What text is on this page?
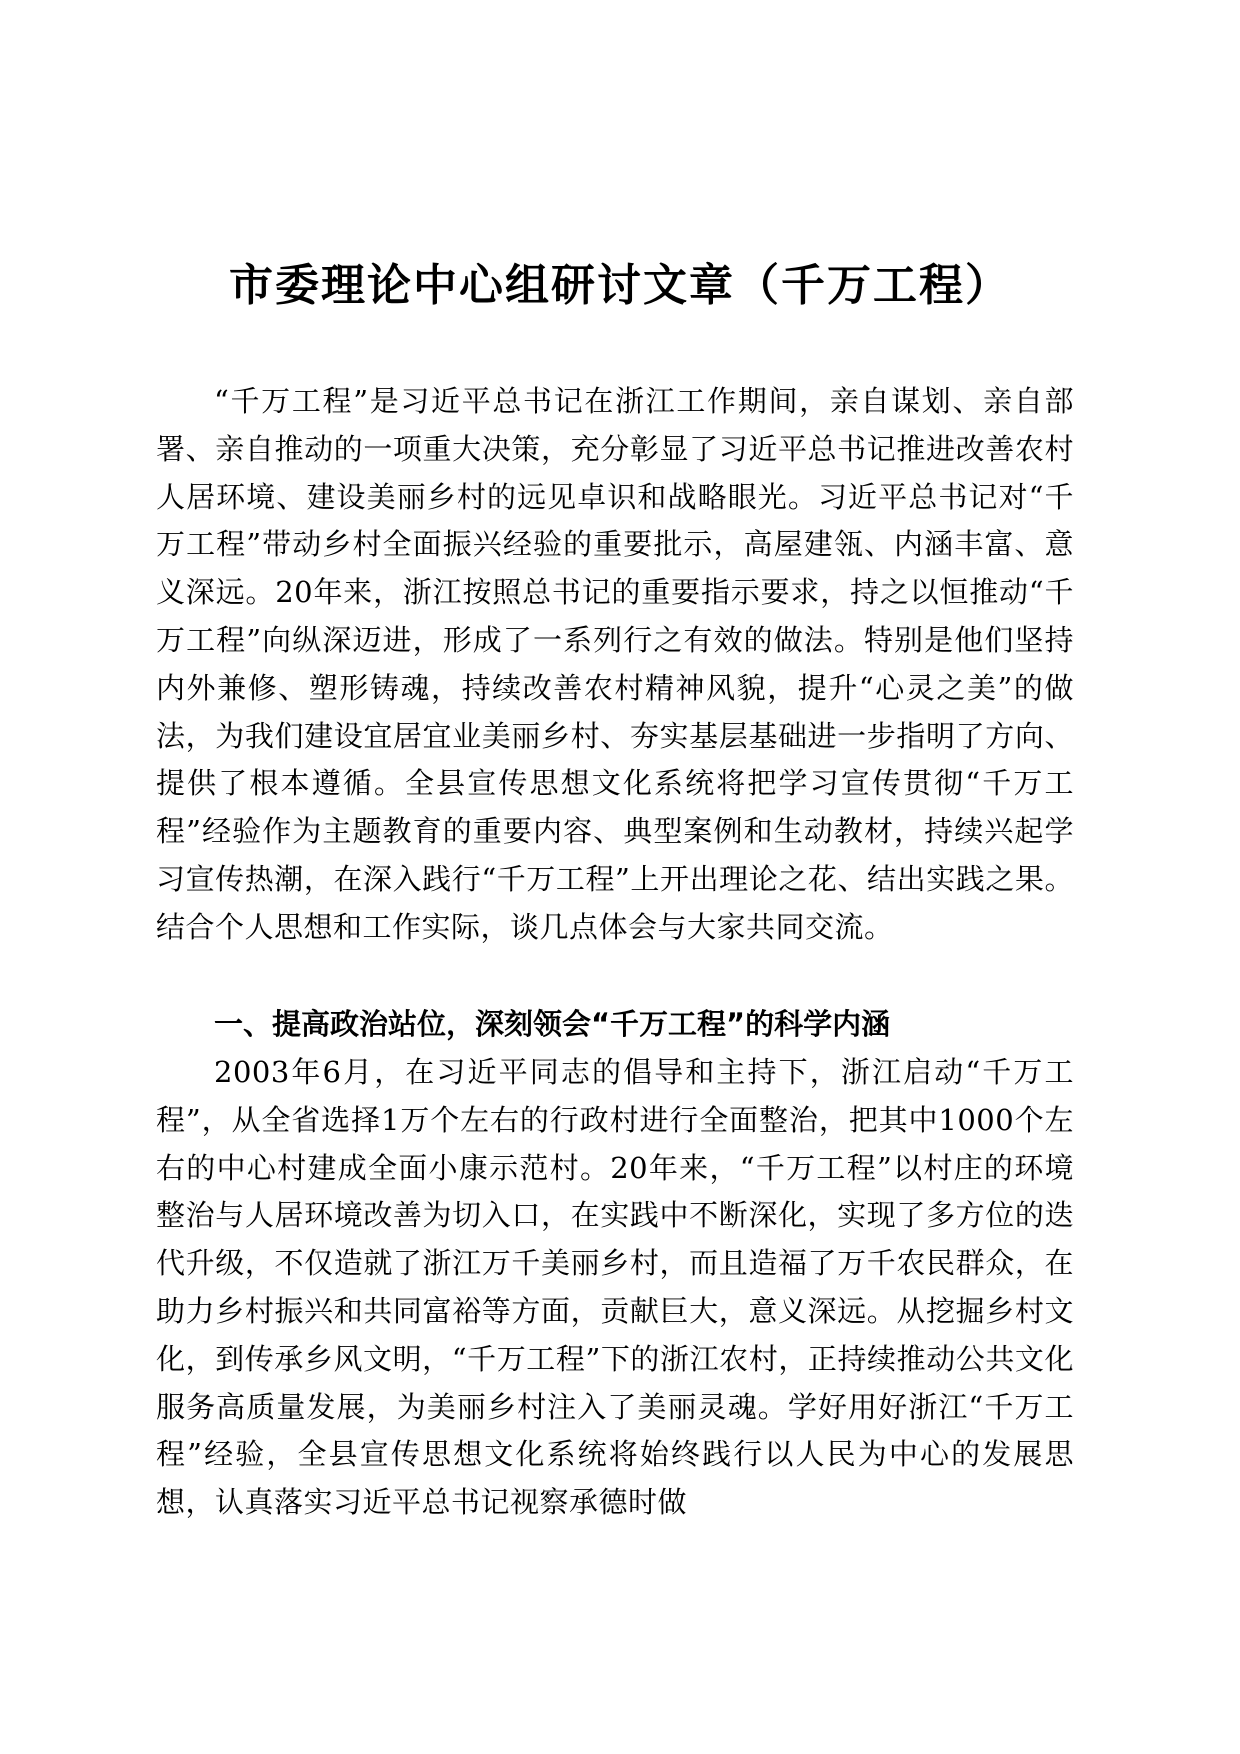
市委理论中心组研讨文章（千万工程）

“千万工程”是习近平总书记在浙江工作期间，亲自谋划、亲自部署、亲自推动的一项重大决策，充分彰显了习近平总书记推进改善农村人居环境、建设美丽乡村的远见卓识和战略眼光。习近平总书记对“千万工程”带动乡村全面振兴经验的重要批示，高屋建瓴、内涵丰富、意义深远。20年来，浙江按照总书记的重要指示要求，持之以恒推动“千万工程”向纵深迈进，形成了一系列行之有效的做法。特别是他们坚持内外兼修、塑形铸魂，持续改善农村精神风貌，提升“心灵之美”的做法，为我们建设宜居宜业美丽乡村、夯实基层基础进一步指明了方向、提供了根本遵循。全县宣传思想文化系统将把学习宣传贯彻“千万工程”经验作为主题教育的重要内容、典型案例和生动教材，持续兴起学习宣传热潮，在深入践行“千万工程”上开出理论之花、结出实践之果。结合个人思想和工作实际，谈几点体会与大家共同交流。

一、提高政治站位，深刻领会“千万工程”的科学内涵

2003年6月，在习近平同志的倡导和主持下，浙江启动“千万工程”，从全省选择1万个左右的行政村进行全面整治，把其中1000个左右的中心村建成全面小康示范村。20年来，“千万工程”以村庄的环境整治与人居环境改善为切入口，在实践中不断深化，实现了多方位的迭代升级，不仅造就了浙江万千美丽乡村，而且造福了万千农民群众，在助力乡村振兴和共同富裕等方面，贡献巨大，意义深远。从挖掘乡村文化，到传承乡风文明，“千万工程”下的浙江农村，正持续推动公共文化服务高质量发展，为美丽乡村注入了美丽灵魂。学好用好浙江“千万工程”经验，全县宣传思想文化系统将始终践行以人民为中心的发展思想，认真落实习近平总书记视察承德时做
